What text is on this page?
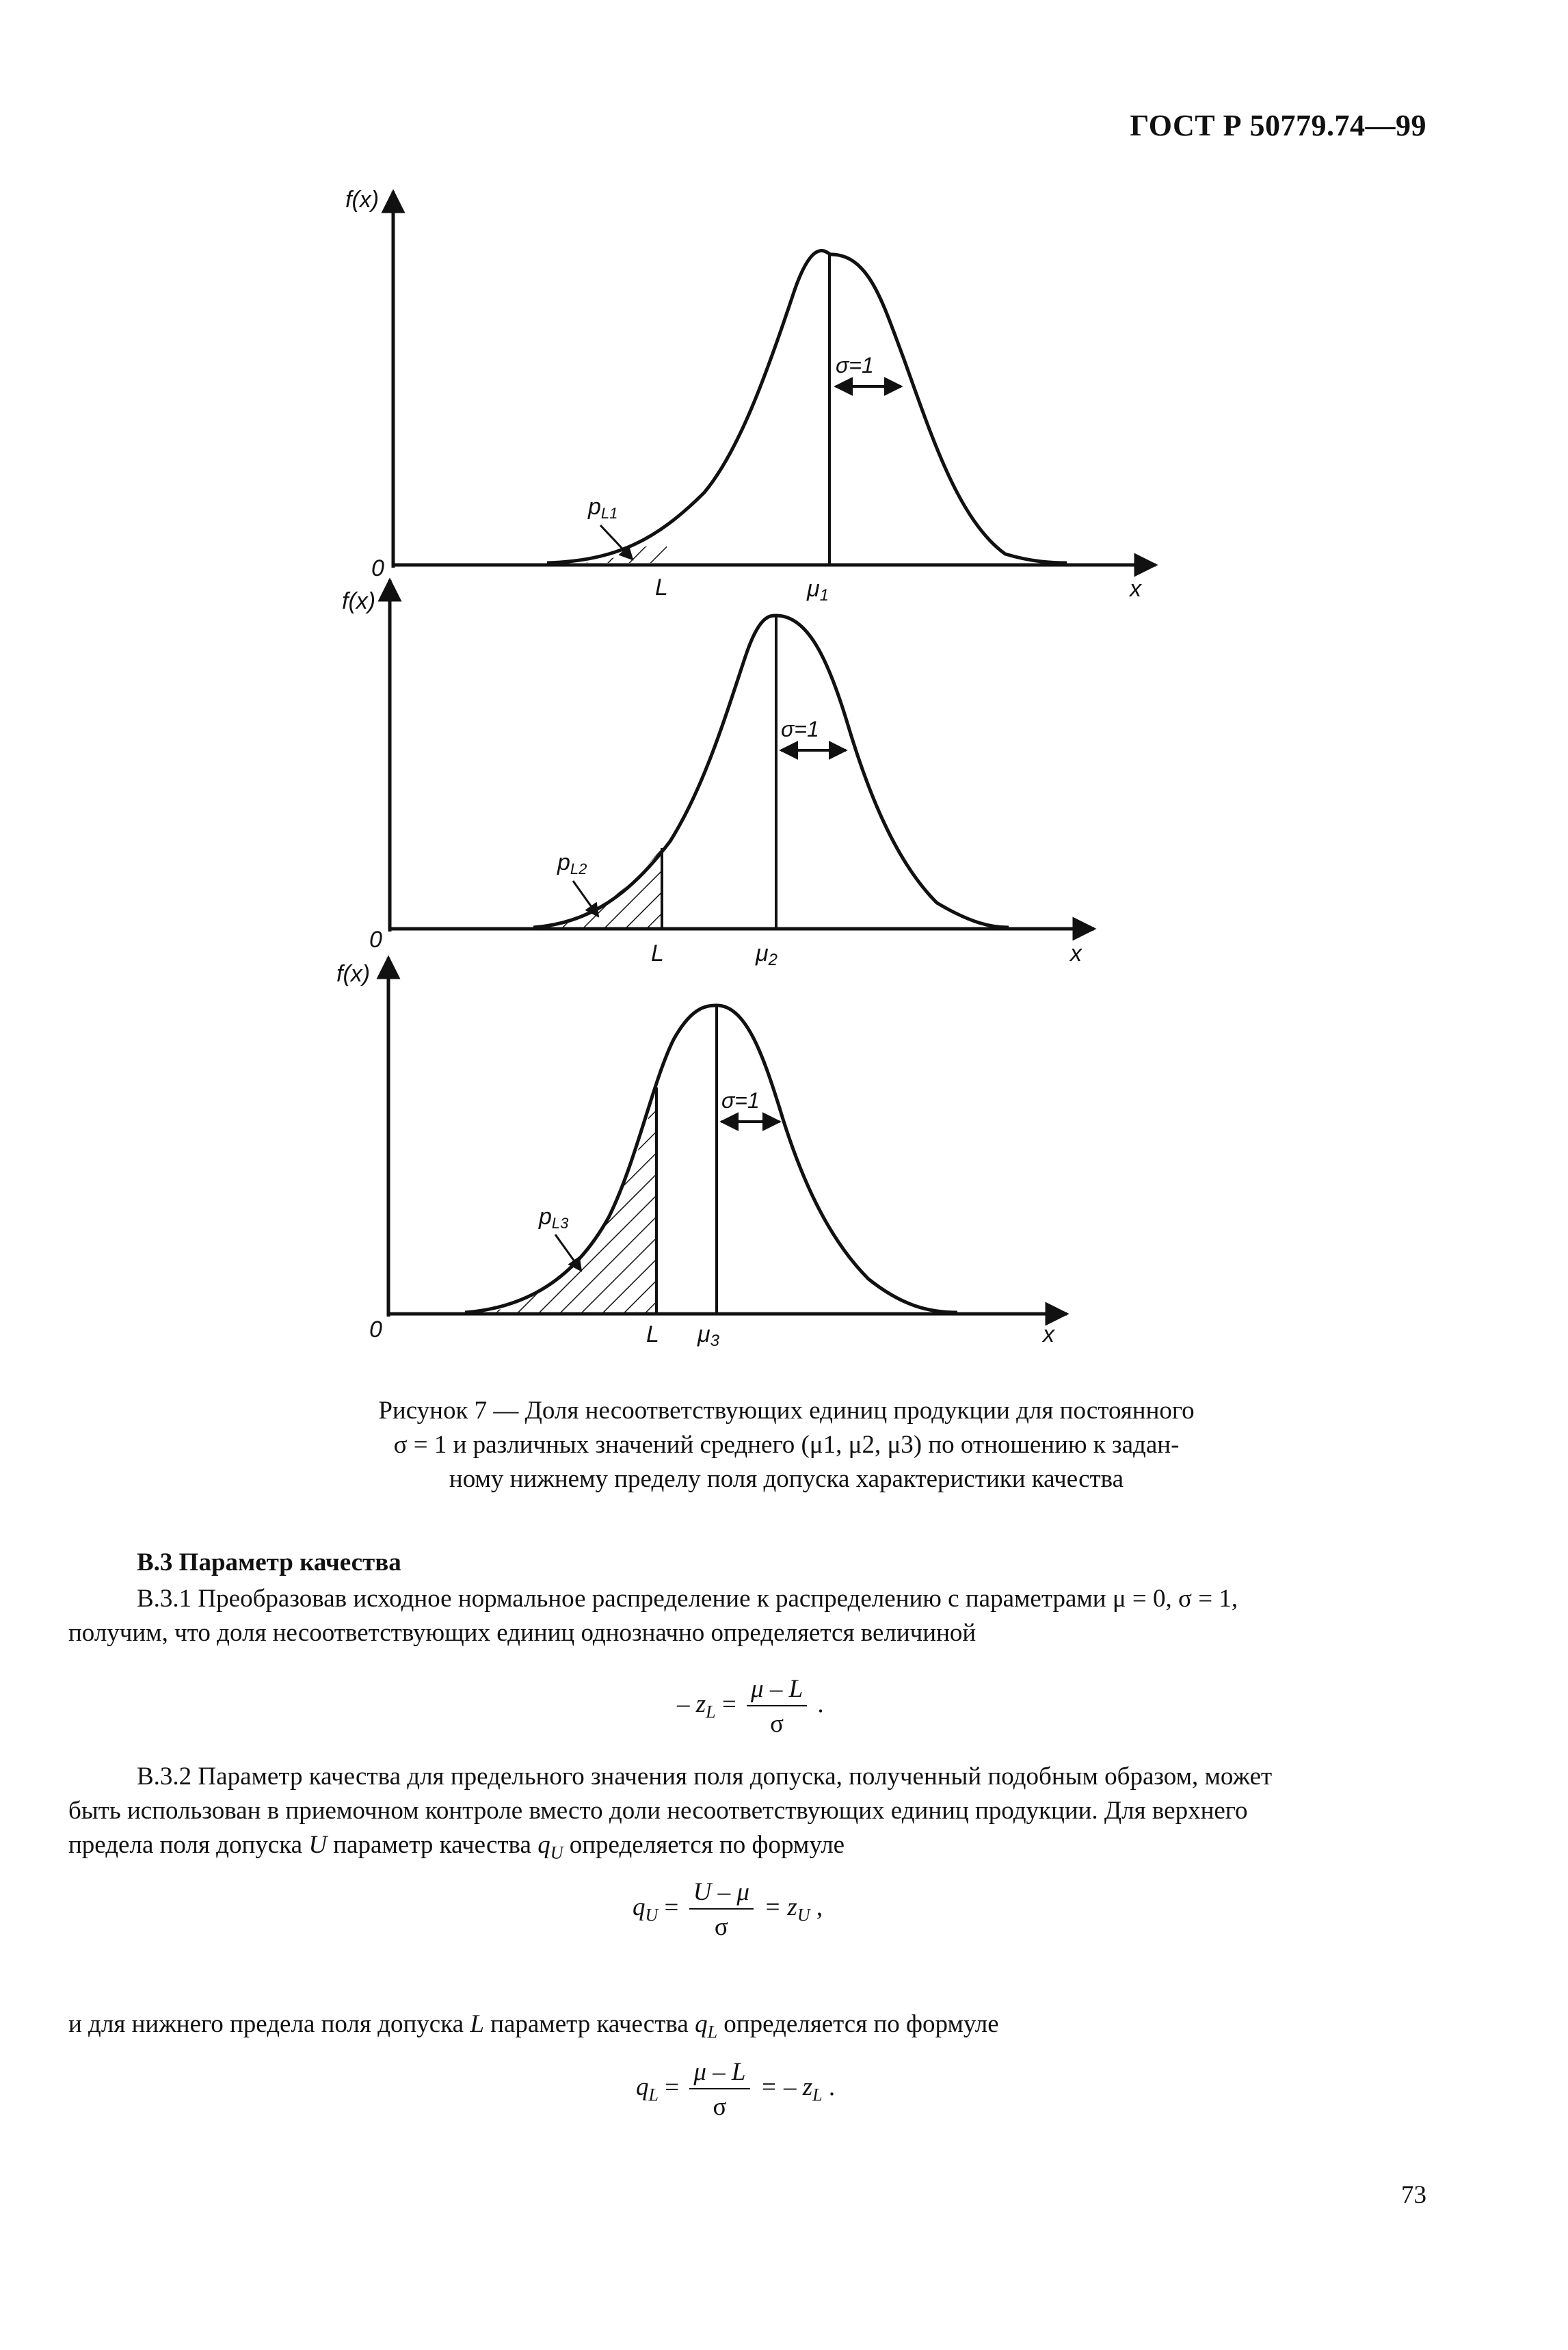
ГОСТ Р 50779.74—99
f(x)
0
x
σ=1
L	μ1
pL1
f(x)
0
x
σ=1
L	μ2
pL2
f(x)
0	x
σ=1
L μ3
pL3
Рисунок 7 — Доля несоответствующих единиц продукции для постоянного
σ = 1 и различных значений среднего (μ1, μ2, μ3) по отношению к задан-
ному нижнему пределу поля допуска характеристики качества
В.3 Параметр качества
В.3.1 Преобразовав исходное нормальное распределение к распределению с параметрами μ = 0, σ = 1,
получим, что доля несоответствующих единиц однозначно определяется величиной
– $z_L = \frac{\mu - L}{\sigma}$ .
В.3.2 Параметр качества для предельного значения поля допуска, полученный подобным образом, может
быть использован в приемочном контроле вместо доли несоответствующих единиц продукции. Для верхнего
предела поля допуска U параметр качества $q_U$ определяется по формуле
$q_U = \frac{U - \mu}{\sigma} = z_U$ ,
и для нижнего предела поля допуска L параметр качества $q_L$ определяется по формуле
$q_L = \frac{\mu - L}{\sigma}$ = – $z_L$ .
73
